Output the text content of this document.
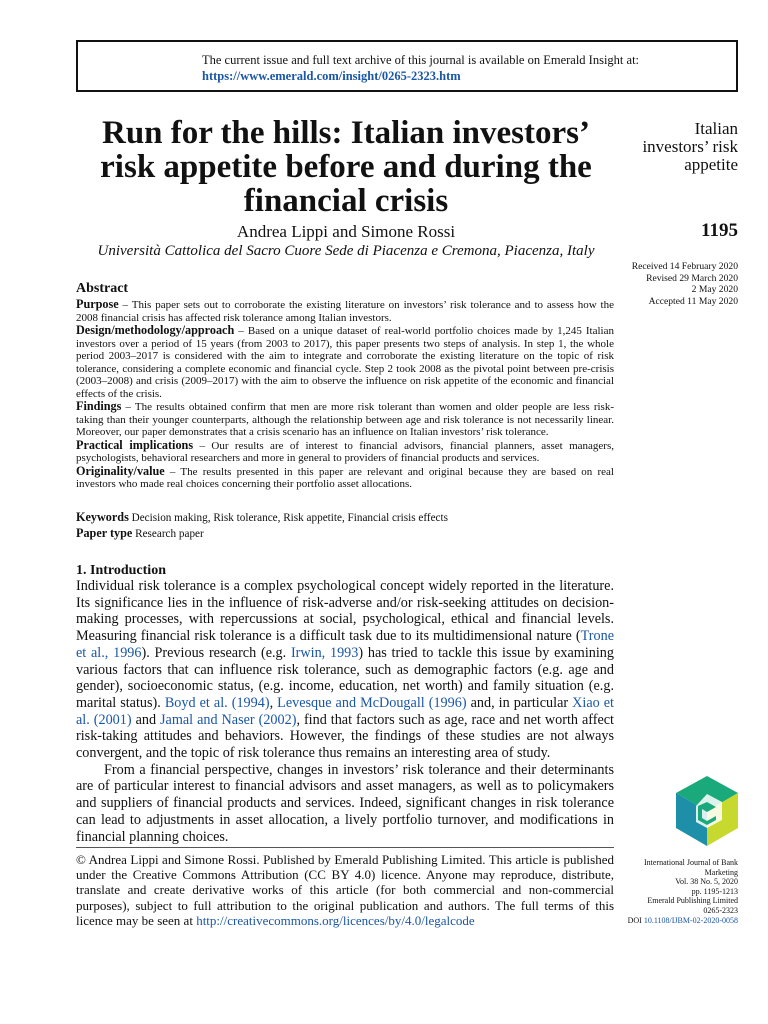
The current issue and full text archive of this journal is available on Emerald Insight at:
https://www.emerald.com/insight/0265-2323.htm
Run for the hills: Italian investors’ risk appetite before and during the financial crisis
Andrea Lippi and Simone Rossi
Università Cattolica del Sacro Cuore Sede di Piacenza e Cremona, Piacenza, Italy
Italian
investors’ risk
appetite
1195
Received 14 February 2020
Revised 29 March 2020
2 May 2020
Accepted 11 May 2020
Abstract

Purpose – This paper sets out to corroborate the existing literature on investors’ risk tolerance and to assess how the 2008 financial crisis has affected risk tolerance among Italian investors.

Design/methodology/approach – Based on a unique dataset of real-world portfolio choices made by 1,245 Italian investors over a period of 15 years (from 2003 to 2017), this paper presents two steps of analysis. In step 1, the whole period 2003–2017 is considered with the aim to integrate and corroborate the existing literature on the topic of risk tolerance, considering a complete economic and financial cycle. Step 2 took 2008 as the pivotal point between pre-crisis (2003–2008) and crisis (2009–2017) with the aim to observe the influence on risk appetite of the economic and financial effects of the crisis.

Findings – The results obtained confirm that men are more risk tolerant than women and older people are less risk-taking than their younger counterparts, although the relationship between age and risk tolerance is not necessarily linear. Moreover, our paper demonstrates that a crisis scenario has an influence on Italian investors’ risk tolerance.

Practical implications – Our results are of interest to financial advisors, financial planners, asset managers, psychologists, behavioral researchers and more in general to providers of financial products and services.

Originality/value – The results presented in this paper are relevant and original because they are based on real investors who made real choices concerning their portfolio asset allocations.

Keywords Decision making, Risk tolerance, Risk appetite, Financial crisis effects
Paper type Research paper
1. Introduction

Individual risk tolerance is a complex psychological concept widely reported in the literature. Its significance lies in the influence of risk-adverse and/or risk-seeking attitudes on decision-making processes, with repercussions at social, psychological, ethical and financial levels. Measuring financial risk tolerance is a difficult task due to its multidimensional nature (Trone et al., 1996). Previous research (e.g. Irwin, 1993) has tried to tackle this issue by examining various factors that can influence risk tolerance, such as demographic factors (e.g. age and gender), socioeconomic status, (e.g. income, education, net worth) and family situation (e.g. marital status). Boyd et al. (1994), Levesque and McDougall (1996) and, in particular Xiao et al. (2001) and Jamal and Naser (2002), find that factors such as age, race and net worth affect risk-taking attitudes and behaviors. However, the findings of these studies are not always convergent, and the topic of risk tolerance thus remains an interesting area of study.

From a financial perspective, changes in investors’ risk tolerance and their determinants are of particular interest to financial advisors and asset managers, as well as to policymakers and suppliers of financial products and services. Indeed, significant changes in risk tolerance can lead to adjustments in asset allocation, a lively portfolio turnover, and modifications in financial planning choices.

© Andrea Lippi and Simone Rossi. Published by Emerald Publishing Limited. This article is published under the Creative Commons Attribution (CC BY 4.0) licence. Anyone may reproduce, distribute, translate and create derivative works of this article (for both commercial and non-commercial purposes), subject to full attribution to the original publication and authors. The full terms of this licence may be seen at http://creativecommons.org/licences/by/4.0/legalcode
International Journal of Bank
Marketing
Vol. 38 No. 5, 2020
pp. 1195-1213
Emerald Publishing Limited
0265-2323
DOI 10.1108/IJBM-02-2020-0058
